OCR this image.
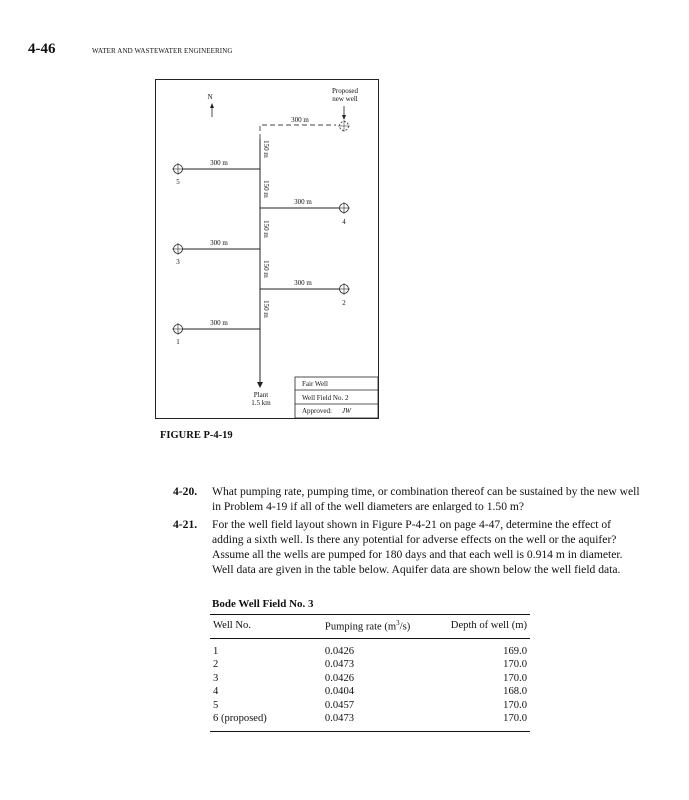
4-46	WATER AND WASTEWATER ENGINEERING
N
300 m
Proposed
new well
150 m
150 m
150 m
150 m
150 m
300 m
5
300 m
4
300 m
3
300 m
2
300 m
1
Plant
1.5 km
Fair Well
Well Field No. 2
Approved: JW
FIGURE P-4-19
4-20. What pumping rate, pumping time, or combination thereof can be sustained by the new well in Problem 4-19 if all of the well diameters are enlarged to 1.50 m?
4-21. For the well field layout shown in Figure P-4-21 on page 4-47, determine the effect of adding a sixth well. Is there any potential for adverse effects on the well or the aquifer? Assume all the wells are pumped for 180 days and that each well is 0.914 m in diameter. Well data are given in the table below. Aquifer data are shown below the well field data.
Bode Well Field No. 3
Well No.	Pumping rate $(m^3/s)$	Depth of well (m)
1	0.0426	169.0
2	0.0473	170.0
3	0.0426	170.0
4	0.0404	168.0
5	0.0457	170.0
6 (proposed)	0.0473	170.0
